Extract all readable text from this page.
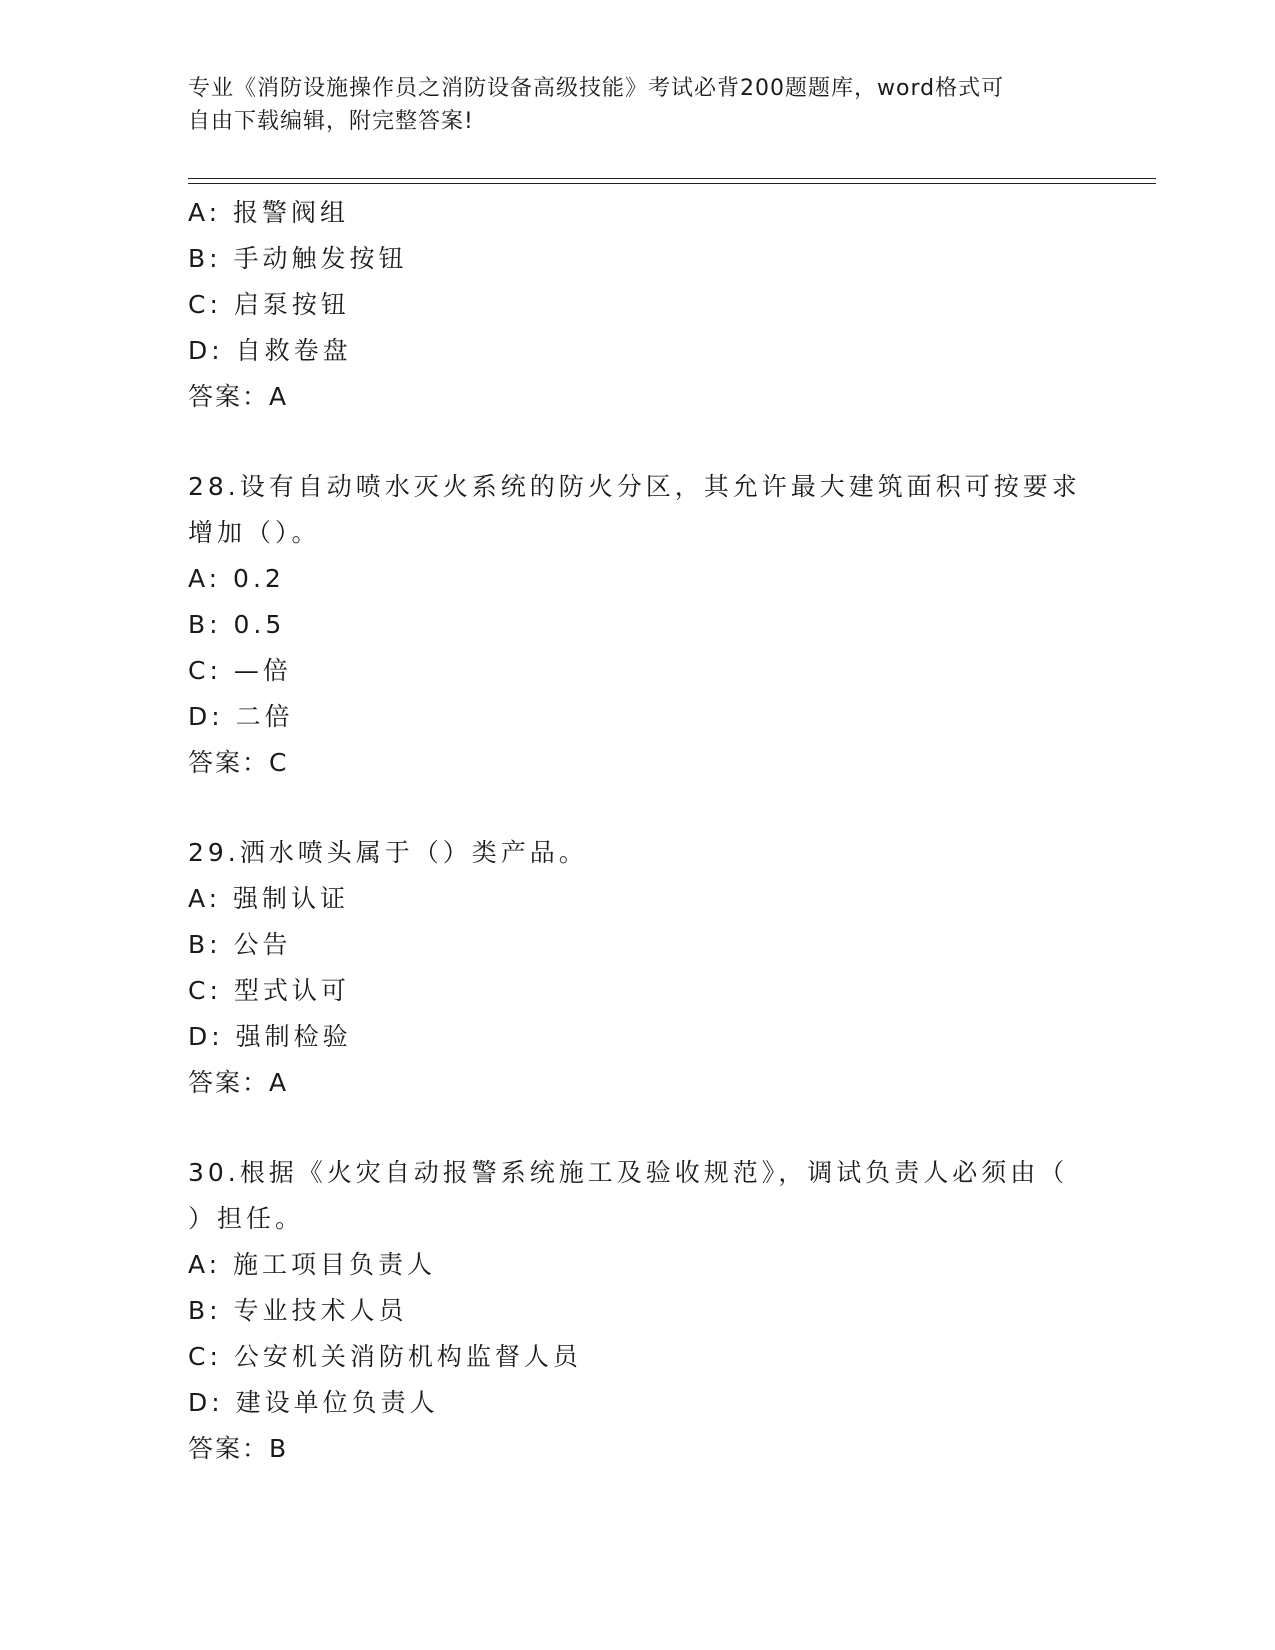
专业《消防设施操作员之消防设备高级技能》考试必背200题题库，word格式可
自由下载编辑，附完整答案!
A: 报警阀组
B: 手动触发按钮
C: 启泵按钮
D: 自救卷盘
答案：A
28.设有自动喷水灭火系统的防火分区，其允许最大建筑面积可按要求
增加（）。
A: 0.2
B: 0.5
C: —倍
D: 二倍
答案：C
29.洒水喷头属于（）类产品。
A: 强制认证
B: 公告
C: 型式认可
D: 强制检验
答案：A
30.根据《火灾自动报警系统施工及验收规范》，调试负责人必须由（
）担任。
A: 施工项目负责人
B: 专业技术人员
C: 公安机关消防机构监督人员
D: 建设单位负责人
答案：B
